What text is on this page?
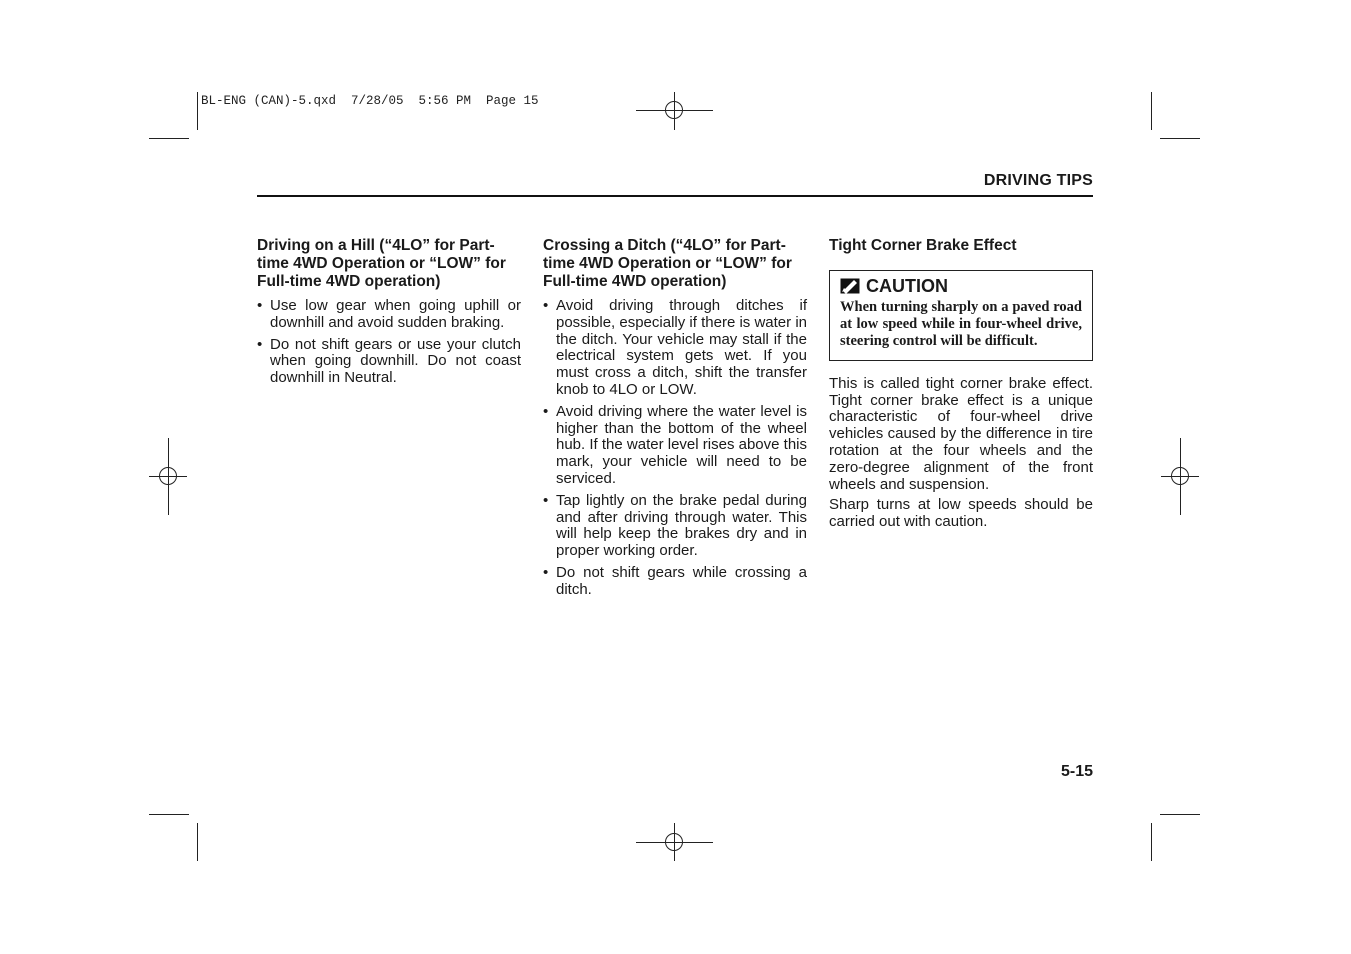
BL-ENG (CAN)-5.qxd  7/28/05  5:56 PM  Page 15
DRIVING TIPS
Driving on a Hill (“4LO” for Part-time 4WD Operation or “LOW” for Full-time 4WD operation)
• Use low gear when going uphill or downhill and avoid sudden braking.
• Do not shift gears or use your clutch when going downhill. Do not coast downhill in Neutral.
Crossing a Ditch (“4LO” for Part-time 4WD Operation or “LOW” for Full-time 4WD operation)
• Avoid driving through ditches if possible, especially if there is water in the ditch. Your vehicle may stall if the electrical system gets wet. If you must cross a ditch, shift the transfer knob to 4LO or LOW.
• Avoid driving where the water level is higher than the bottom of the wheel hub. If the water level rises above this mark, your vehicle will need to be serviced.
• Tap lightly on the brake pedal during and after driving through water. This will help keep the brakes dry and in proper working order.
• Do not shift gears while crossing a ditch.
Tight Corner Brake Effect
CAUTION
When turning sharply on a paved road at low speed while in four-wheel drive, steering control will be difficult.

This is called tight corner brake effect. Tight corner brake effect is a unique characteristic of four-wheel drive vehicles caused by the difference in tire rotation at the four wheels and the zero-degree alignment of the front wheels and suspension.

Sharp turns at low speeds should be carried out with caution.

5-15
